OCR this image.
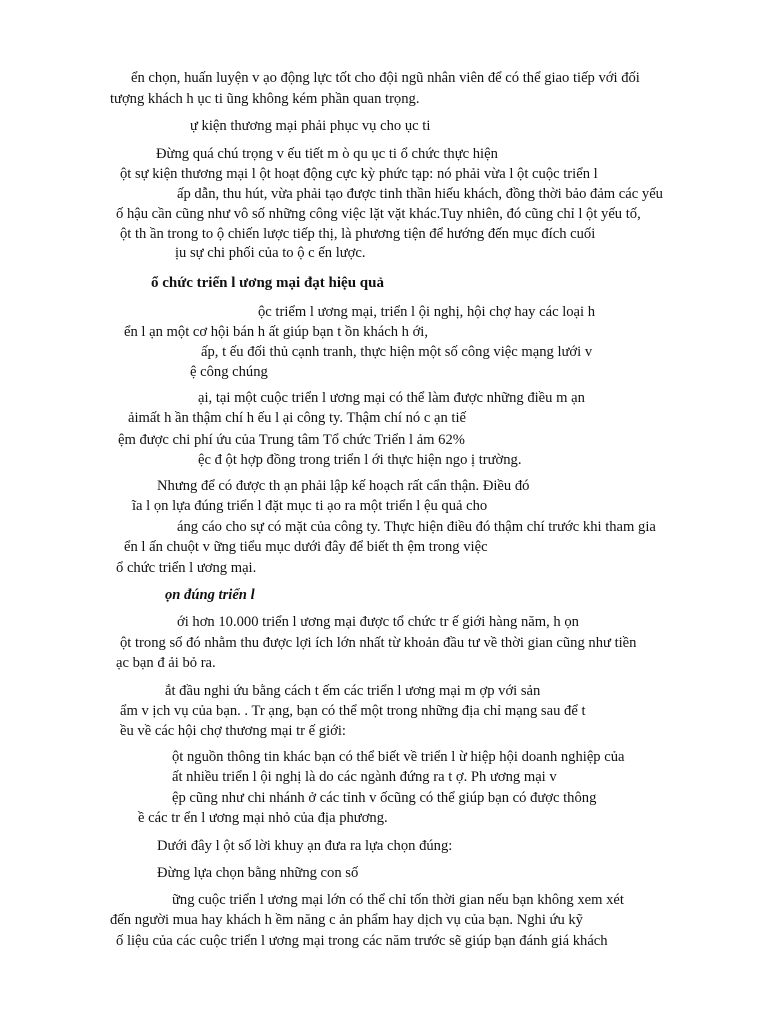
ển chọn, huấn luyện v ạo động lực tốt cho đội ngũ nhân viên để có thể giao tiếp với đối
tượng khách h ục ti ũng không kém phần quan trọng.
ự kiện thương mại phải phục vụ cho ục ti
Đừng quá chú trọng v ếu tiết m ò qu ục ti ổ chức thực hiện
ột sự kiện thương mại l ột hoạt động cực kỳ phức tạp: nó phải vừa l ột cuộc triển l
ấp dẫn, thu hút, vừa phải tạo được tinh thần hiếu khách, đồng thời bảo đảm các yếu
ố hậu cần cũng như vô số những công việc lặt vặt khác.Tuy nhiên, đó cũng chỉ l ột yếu tố,
ột th ần trong to ộ chiến lược tiếp thị, là phương tiện để hướng đến mục đích cuối
ịu sự chi phối của to ộ c ến lược.
ổ chức triển l ương mại đạt hiệu quả
ộc triểm l ương mại, triển l ội nghị, hội chợ hay các loại h
ển l ạn một cơ hội bán h ất giúp bạn t ồn khách h ới,
ấp, t ếu đối thủ cạnh tranh, thực hiện một số công việc mạng lưới v
ệ công chúng
ại, tại một cuộc triển l ương mại có thể làm được những điều m ạn
ảimất h ần thậm chí h ếu l ại công ty. Thậm chí nó c ạn tiế
ệm được chi phí ứu của Trung tâm Tổ chức Triển l ảm 62%
ệc đ ột hợp đồng trong triển l ới thực hiện ngo ị trường.
Nhưng để có được th ạn phải lập kế hoạch rất cẩn thận. Điều đó
ĩa l ọn lựa đúng triển l đặt mục ti ạo ra một triển l ệu quả cho
áng cáo cho sự có mặt của công ty. Thực hiện điều đó thậm chí trước khi tham gia
ển l ấn chuột v ững tiểu mục dưới đây để biết th ệm trong việc
ổ chức triển l ương mại.
ọn đúng triển l
ới hơn 10.000 triển l ương mại được tổ chức tr ế giới hàng năm, h ọn
ột trong số đó nhằm thu được lợi ích lớn nhất từ khoản đầu tư về thời gian cũng như tiền
ạc bạn đ ải bỏ ra.
ắt đầu nghi ứu bằng cách t ếm các triển l ương mại m ợp với sản
ẩm v ịch vụ của bạn. . Tr ạng, bạn có thể một trong những địa chỉ mạng sau để t
ều về các hội chợ thương mại tr ế giới:
ột nguồn thông tin khác bạn có thể biết về triển l ừ hiệp hội doanh nghiệp của
ất nhiều triển l ội nghị là do các ngành đứng ra t ợ. Ph ương mại v
ệp cũng như chi nhánh ở các tỉnh v ốcũng có thể giúp bạn có được thông
ề các tr ển l ương mại nhỏ của địa phương.
Dưới đây l ột số lời khuy ạn đưa ra lựa chọn đúng:
Đừng lựa chọn bằng những con số
ững cuộc triển l ương mại lớn có thể chỉ tốn thời gian nếu bạn không xem xét
đến người mua hay khách h ềm năng c ản phẩm hay dịch vụ của bạn. Nghi ứu kỹ
ố liệu của các cuộc triển l ương mại trong các năm trước sẽ giúp bạn đánh giá khách
